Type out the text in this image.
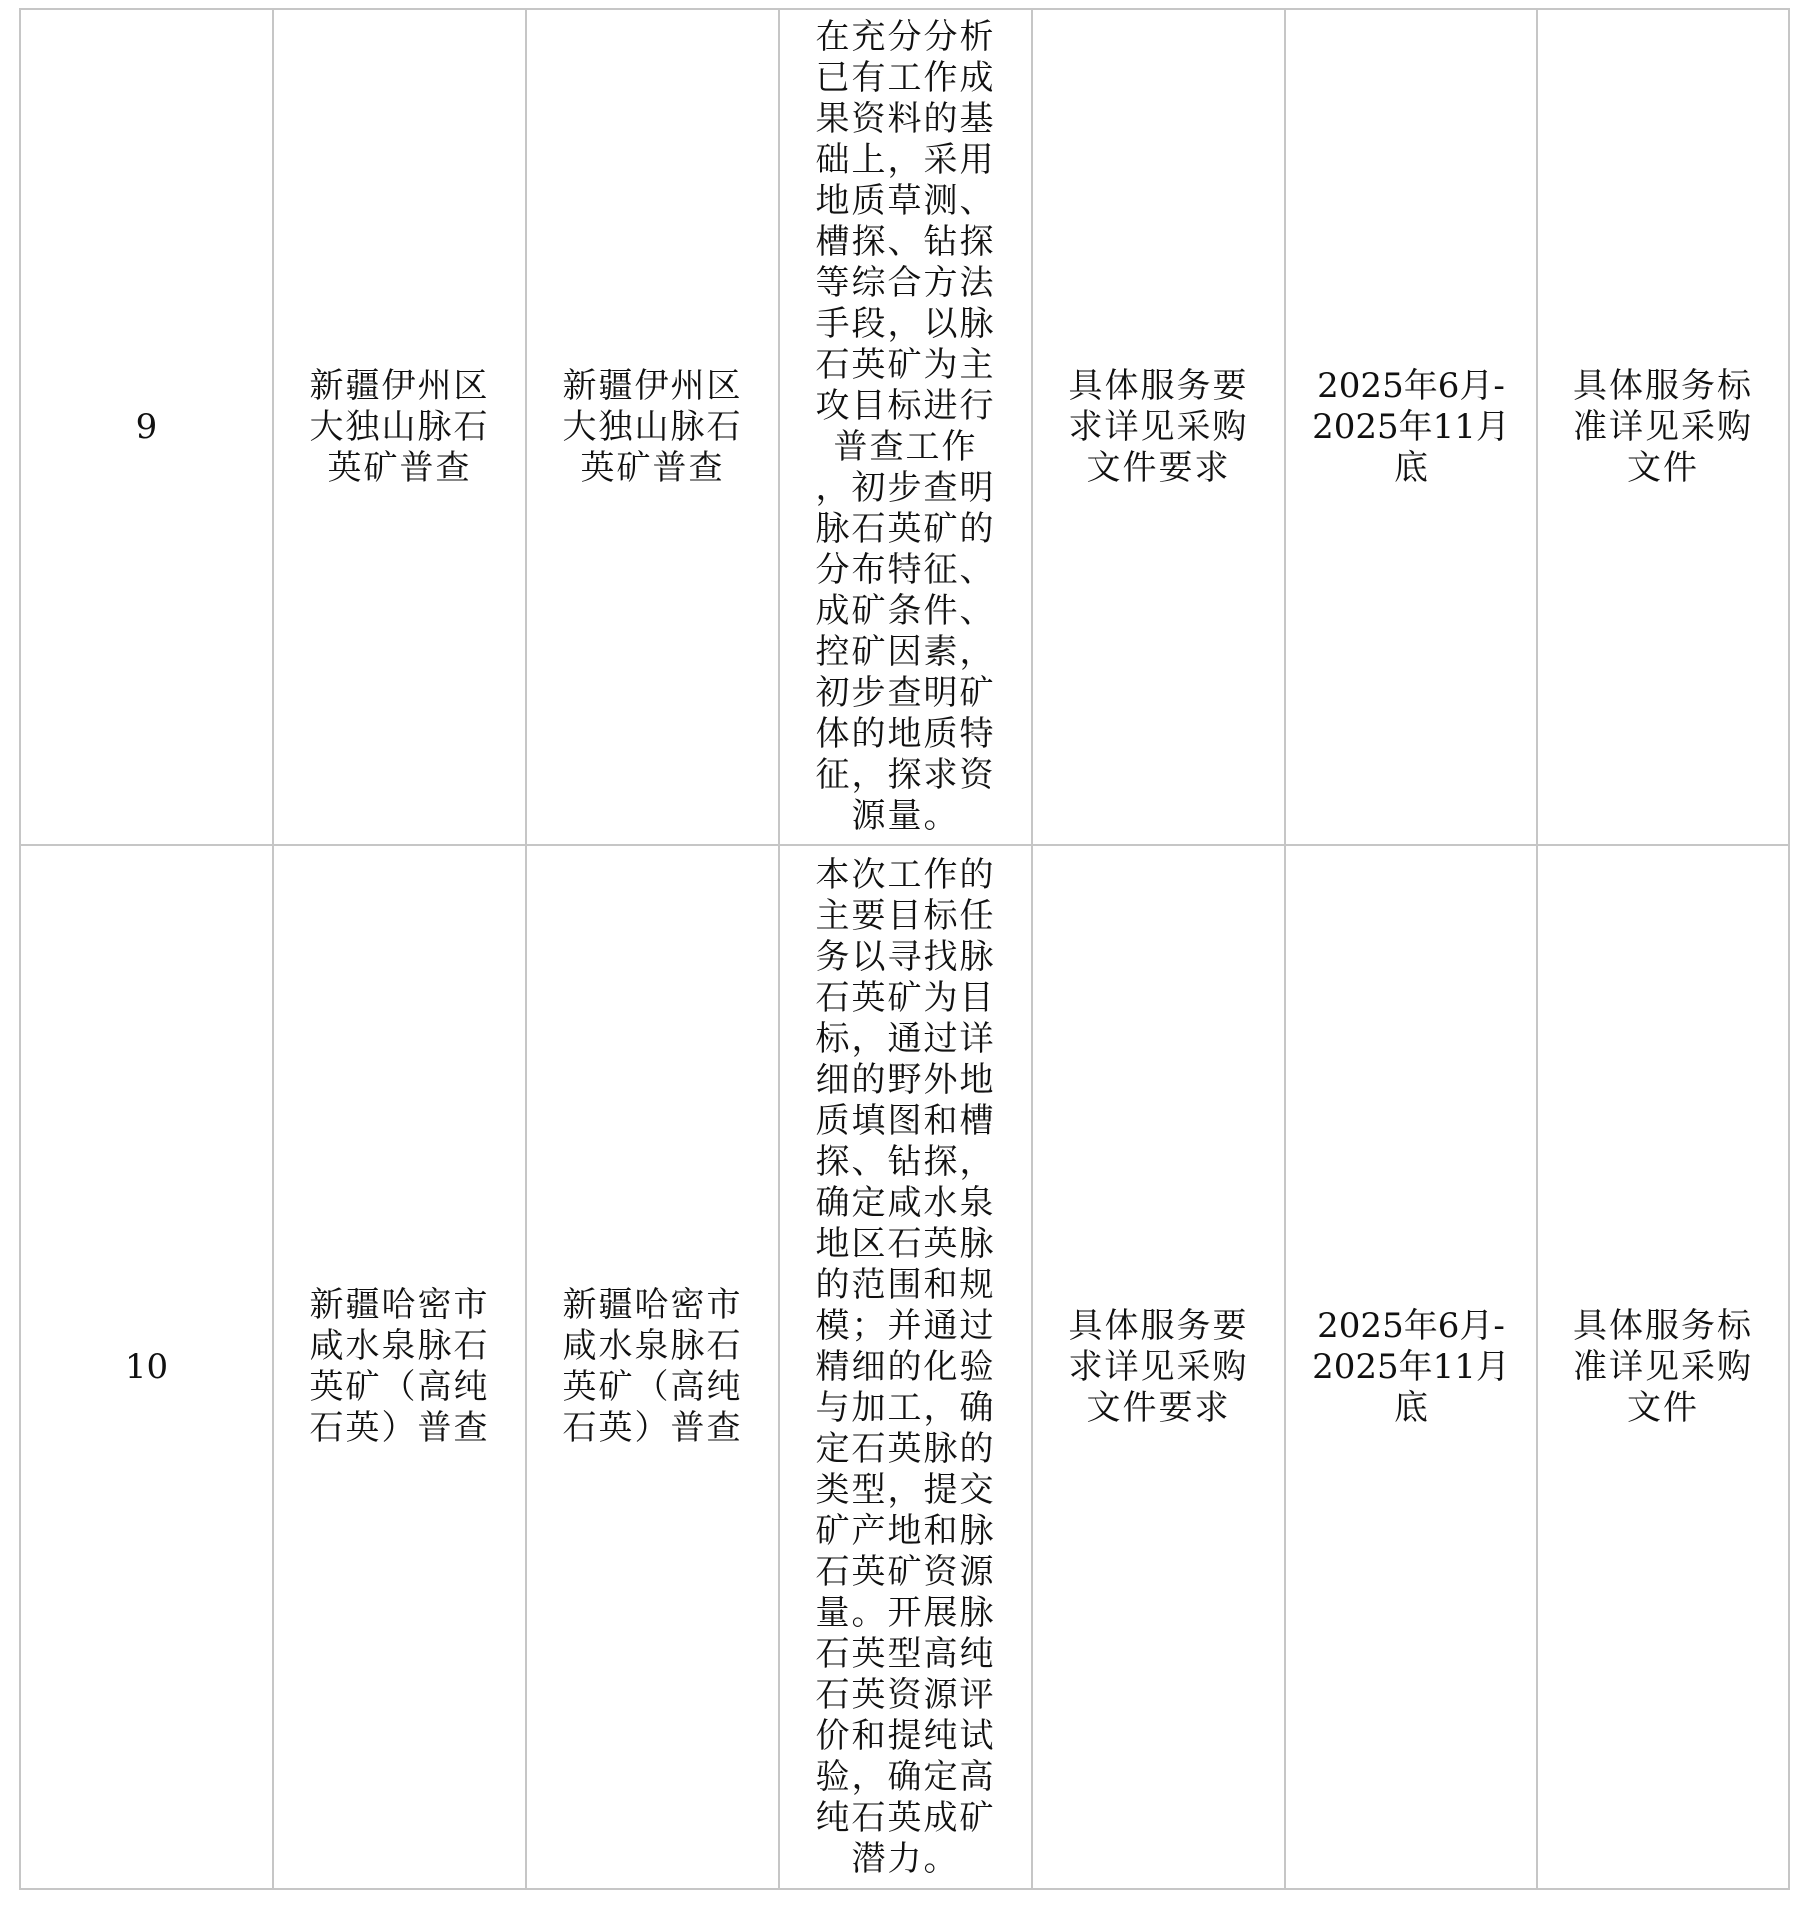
9	新疆伊州区大独山脉石英矿普查	新疆伊州区大独山脉石英矿普查	在充分分析已有工作成果资料的基础上，采用地质草测、槽探、钻探等综合方法手段，以脉石英矿为主攻目标进行普查工作 ，初步查明脉石英矿的分布特征、成矿条件、控矿因素，初步查明矿体的地质特征，探求资源量。	具体服务要求详见采购文件要求	2025年6月-2025年11月底	具体服务标准详见采购文件

10	新疆哈密市咸水泉脉石英矿（高纯石英）普查	新疆哈密市咸水泉脉石英矿（高纯石英）普查	本次工作的主要目标任务以寻找脉石英矿为目标，通过详细的野外地质填图和槽探、钻探，确定咸水泉地区石英脉的范围和规模；并通过精细的化验与加工，确定石英脉的类型，提交矿产地和脉石英矿资源量。开展脉石英型高纯石英资源评价和提纯试验，确定高纯石英成矿潜力。	具体服务要求详见采购文件要求	2025年6月-2025年11月底	具体服务标准详见采购文件
